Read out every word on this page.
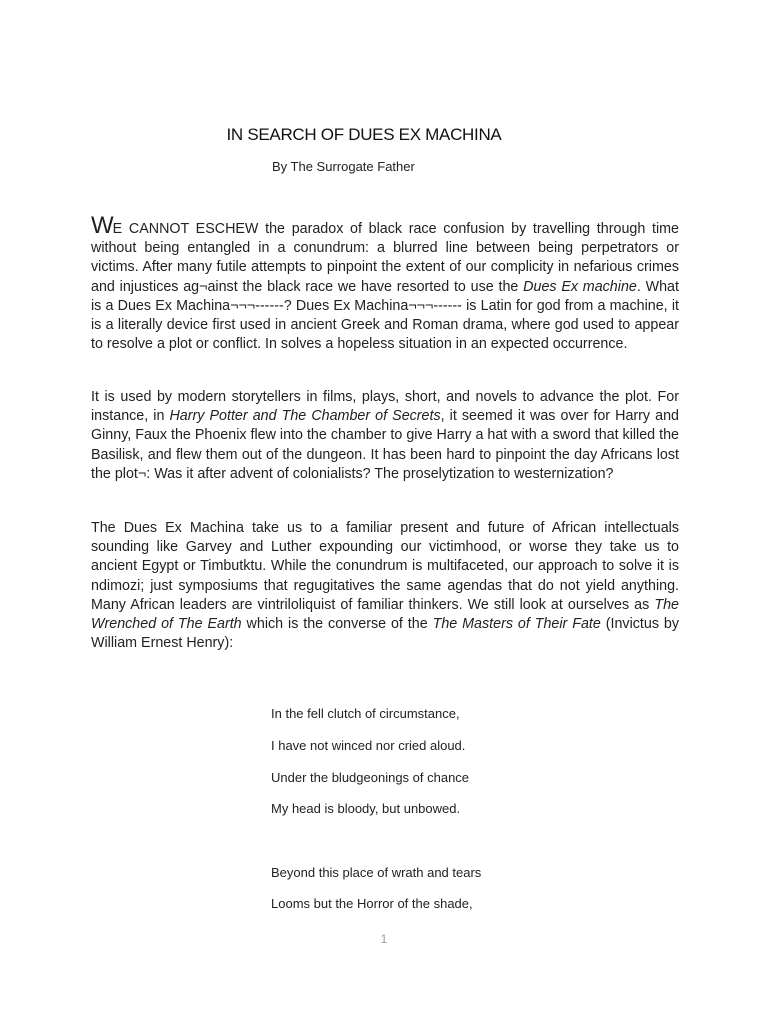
IN SEARCH OF DUES EX MACHINA
By The Surrogate Father

WE CANNOT ESCHEW the paradox of black race confusion by travelling through time without being entangled in a conundrum: a blurred line between being perpetrators or victims. After many futile attempts to pinpoint the extent of our complicity in nefarious crimes and injustices ag¬ainst the black race we have resorted to use the Dues Ex machine. What is a Dues Ex Machina¬¬¬------? Dues Ex Machina¬¬¬------ is Latin for god from a machine, it is a literally device first used in ancient Greek and Roman drama, where god used to appear to resolve a plot or conflict. In solves a hopeless situation in an expected occurrence.

It is used by modern storytellers in films, plays, short, and novels to advance the plot. For instance, in Harry Potter and The Chamber of Secrets, it seemed it was over for Harry and Ginny, Faux the Phoenix flew into the chamber to give Harry a hat with a sword that killed the Basilisk, and flew them out of the dungeon. It has been hard to pinpoint the day Africans lost the plot¬: Was it after advent of colonialists? The proselytization to westernization?

The Dues Ex Machina take us to a familiar present and future of African intellectuals sounding like Garvey and Luther expounding our victimhood, or worse they take us to ancient Egypt or Timbutktu. While the conundrum is multifaceted, our approach to solve it is ndimozi; just symposiums that regugitatives the same agendas that do not yield anything. Many African leaders are vintriloliquist of familiar thinkers. We still look at ourselves as The Wrenched of The Earth which is the converse of the The Masters of Their Fate (Invictus by William Ernest Henry):

In the fell clutch of circumstance,
I have not winced nor cried aloud.
Under the bludgeonings of chance
My head is bloody, but unbowed.
Beyond this place of wrath and tears
Looms but the Horror of the shade,
1
